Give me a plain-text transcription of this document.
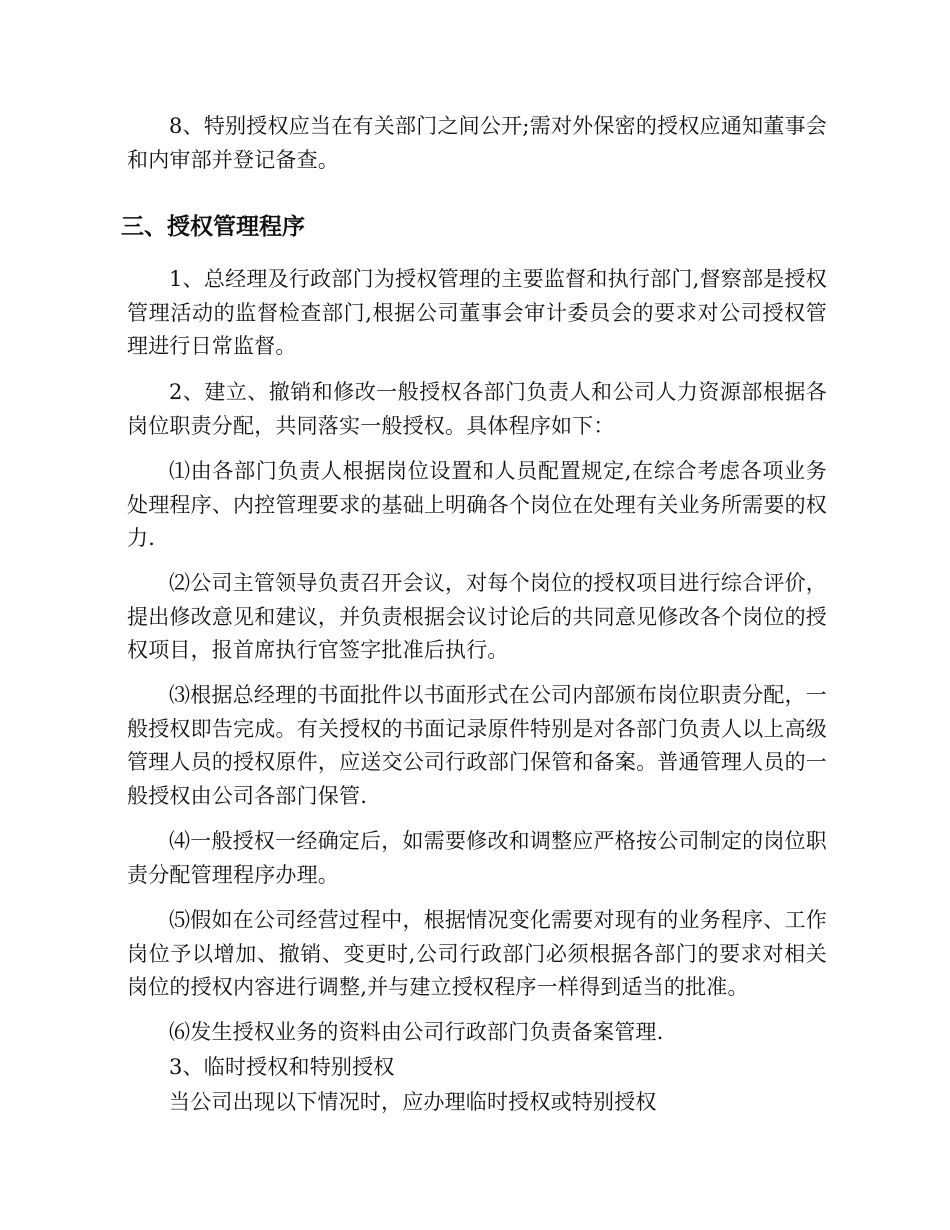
8、特别授权应当在有关部门之间公开;需对外保密的授权应通知董事会和内审部并登记备查。

三、授权管理程序

1、总经理及行政部门为授权管理的主要监督和执行部门,督察部是授权管理活动的监督检查部门,根据公司董事会审计委员会的要求对公司授权管理进行日常监督。

2、建立、撤销和修改一般授权各部门负责人和公司人力资源部根据各岗位职责分配，共同落实一般授权。具体程序如下：

⑴由各部门负责人根据岗位设置和人员配置规定,在综合考虑各项业务处理程序、内控管理要求的基础上明确各个岗位在处理有关业务所需要的权力.

⑵公司主管领导负责召开会议，对每个岗位的授权项目进行综合评价，提出修改意见和建议，并负责根据会议讨论后的共同意见修改各个岗位的授权项目，报首席执行官签字批准后执行。

⑶根据总经理的书面批件以书面形式在公司内部颁布岗位职责分配，一般授权即告完成。有关授权的书面记录原件特别是对各部门负责人以上高级管理人员的授权原件，应送交公司行政部门保管和备案。普通管理人员的一般授权由公司各部门保管.

⑷一般授权一经确定后，如需要修改和调整应严格按公司制定的岗位职责分配管理程序办理。

⑸假如在公司经营过程中，根据情况变化需要对现有的业务程序、工作岗位予以增加、撤销、变更时,公司行政部门必须根据各部门的要求对相关岗位的授权内容进行调整,并与建立授权程序一样得到适当的批准。

⑹发生授权业务的资料由公司行政部门负责备案管理.

3、临时授权和特别授权

当公司出现以下情况时，应办理临时授权或特别授权
